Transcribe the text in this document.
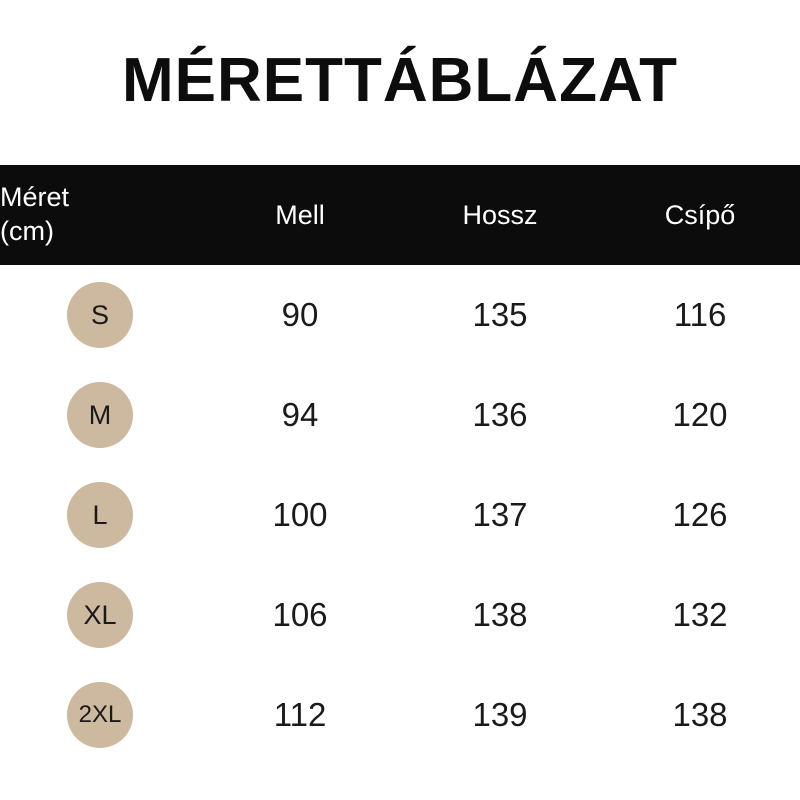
MÉRETTÁBLÁZAT
Méret
(cm)	Mell	Hossz	Csípő
S	90	135	116
M	94	136	120
L	100	137	126
XL	106	138	132
2XL	112	139	138
